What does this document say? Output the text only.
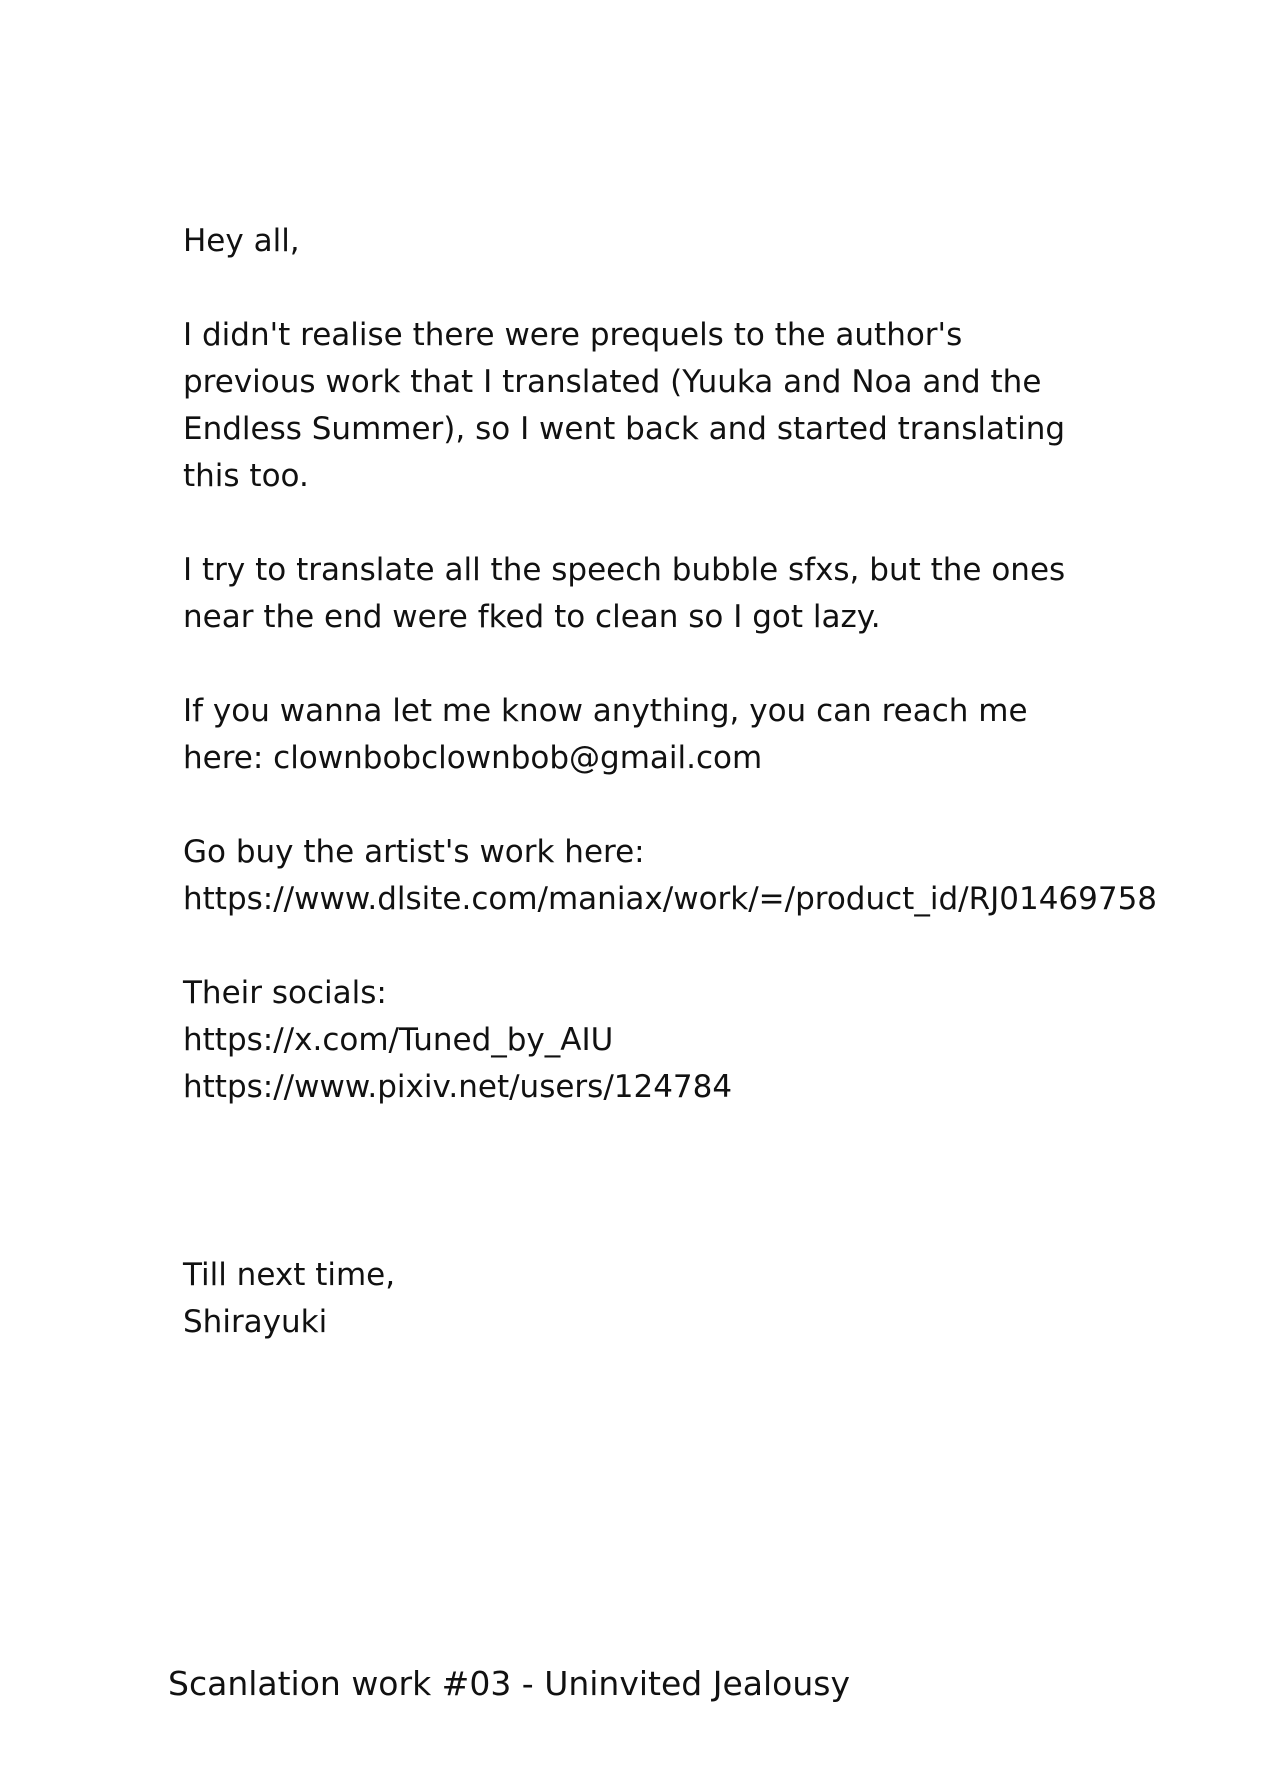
Hey all,

I didn't realise there were prequels to the author's
previous work that I translated (Yuuka and Noa and the
Endless Summer), so I went back and started translating
this too.

I try to translate all the speech bubble sfxs, but the ones
near the end were fked to clean so I got lazy.

If you wanna let me know anything, you can reach me
here: clownbobclownbob@gmail.com

Go buy the artist's work here:
https://www.dlsite.com/maniax/work/=/product_id/RJ01469758

Their socials:
https://x.com/Tuned_by_AIU
https://www.pixiv.net/users/124784

Till next time,
Shirayuki

Scanlation work #03 - Uninvited Jealousy
